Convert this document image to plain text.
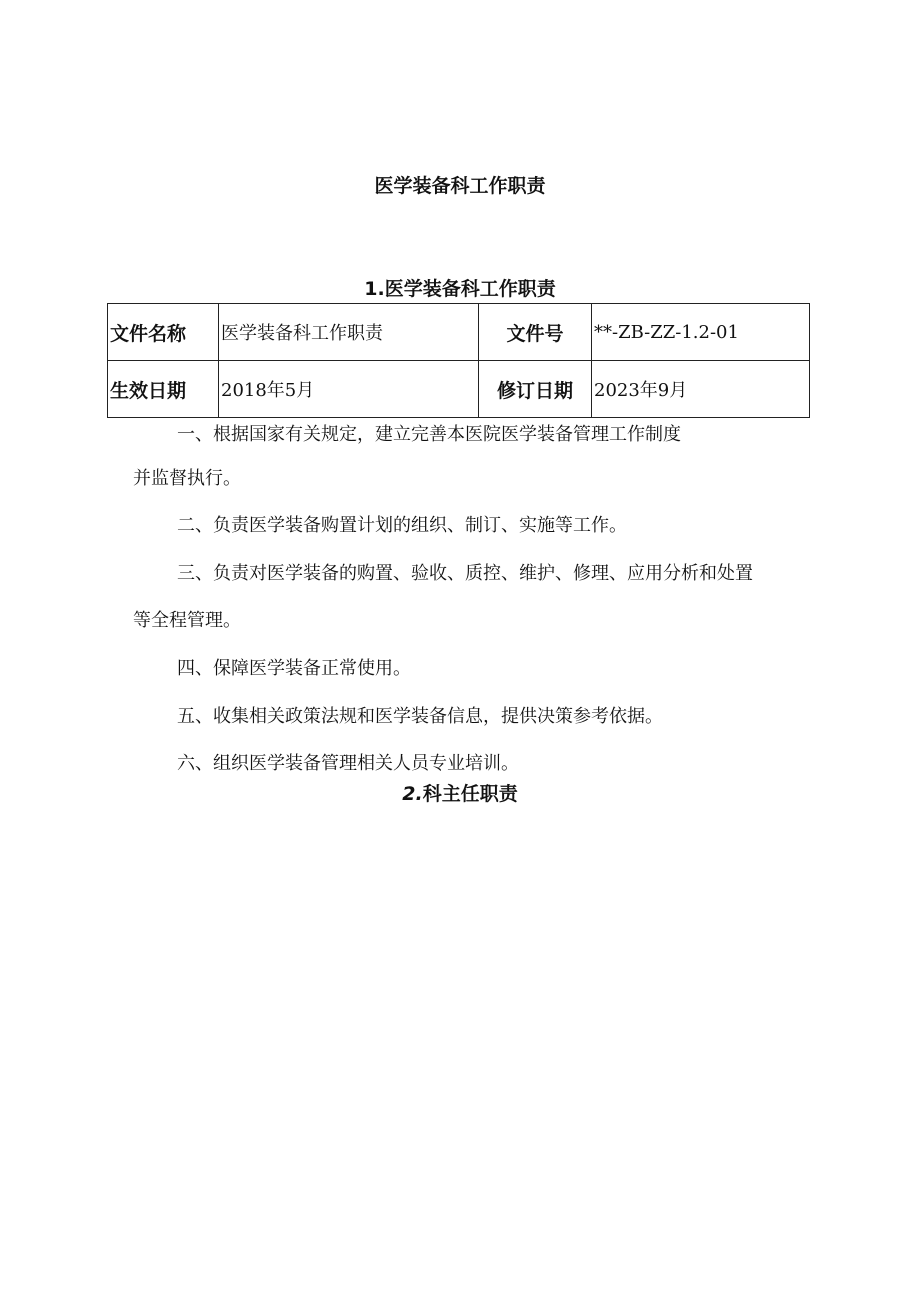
医学装备科工作职责
1.医学装备科工作职责
文件名称	医学装备科工作职责	文件号	**-ZB-ZZ-1.2-01
生效日期	2018年5月	修订日期	2023年9月
一、根据国家有关规定，建立完善本医院医学装备管理工作制度
并监督执行。
二、负责医学装备购置计划的组织、制订、实施等工作。
三、负责对医学装备的购置、验收、质控、维护、修理、应用分析和处置
等全程管理。
四、保障医学装备正常使用。
五、收集相关政策法规和医学装备信息，提供决策参考依据。
六、组织医学装备管理相关人员专业培训。
2.科主任职责
